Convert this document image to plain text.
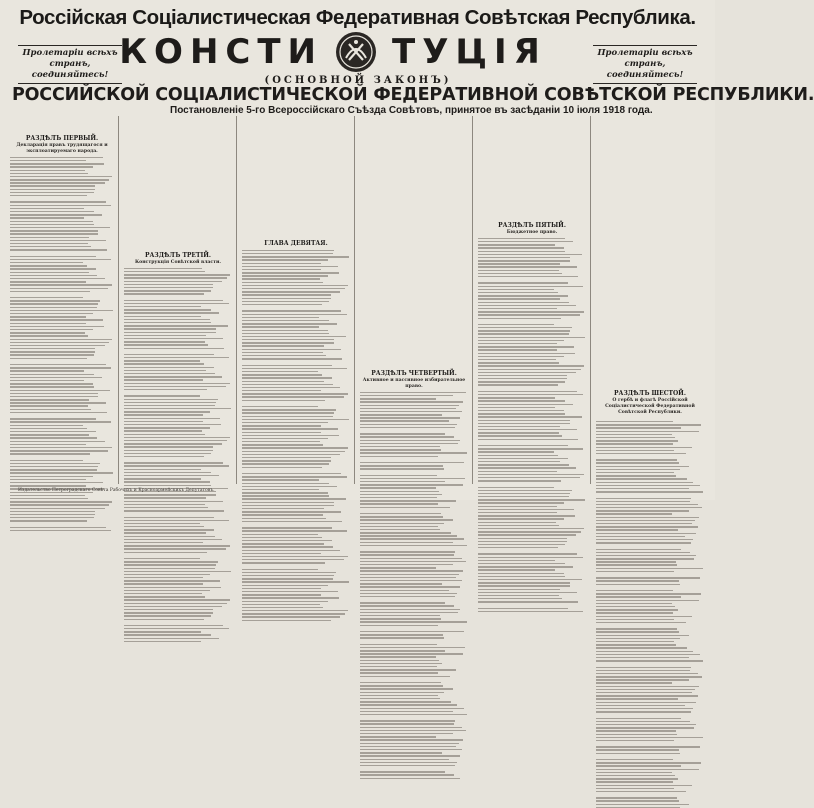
Россiйская Соцiалистическая Федеративная Совѣтская Республика.
Пролетарiи всѣхъ странъ, соединяйтесь!
Пролетарiи всѣхъ странъ, соединяйтесь!
КОНСТИ ТУЦIЯ
(ОСНОВНОЙ ЗАКОНЪ)
РОССИЙСКОЙ СОЦIАЛИСТИЧЕСКОЙ ФЕДЕРАТИВНОЙ СОВѢТСКОЙ РЕСПУБЛИКИ.
Постановленiе 5-го Всероссiйскаго Съѣзда Совѣтовъ, принятое въ засѣданiи 10 iюля 1918 года.
РАЗДѢЛЪ ПЕРВЫЙ.
Декларацiя правъ трудящагося и эксплоатируемаго народа.
РАЗДѢЛЪ ТРЕТIЙ.
Конструкцiя Совѣтской власти.
ГЛАВА ДЕВЯТАЯ.
РАЗДѢЛЪ ЧЕТВЕРТЫЙ.
Активное и пассивное избирательное право.
РАЗДѢЛЪ ПЯТЫЙ.
Бюджетное право.
РАЗДѢЛЪ ШЕСТОЙ.
О гербѣ и флагѣ Россiйской Соцiалистической Федеративной Совѣтской Республики.
Издательство Петроградскаго Совѣта Рабочихъ и Красноармейскихъ Депутатовъ.
